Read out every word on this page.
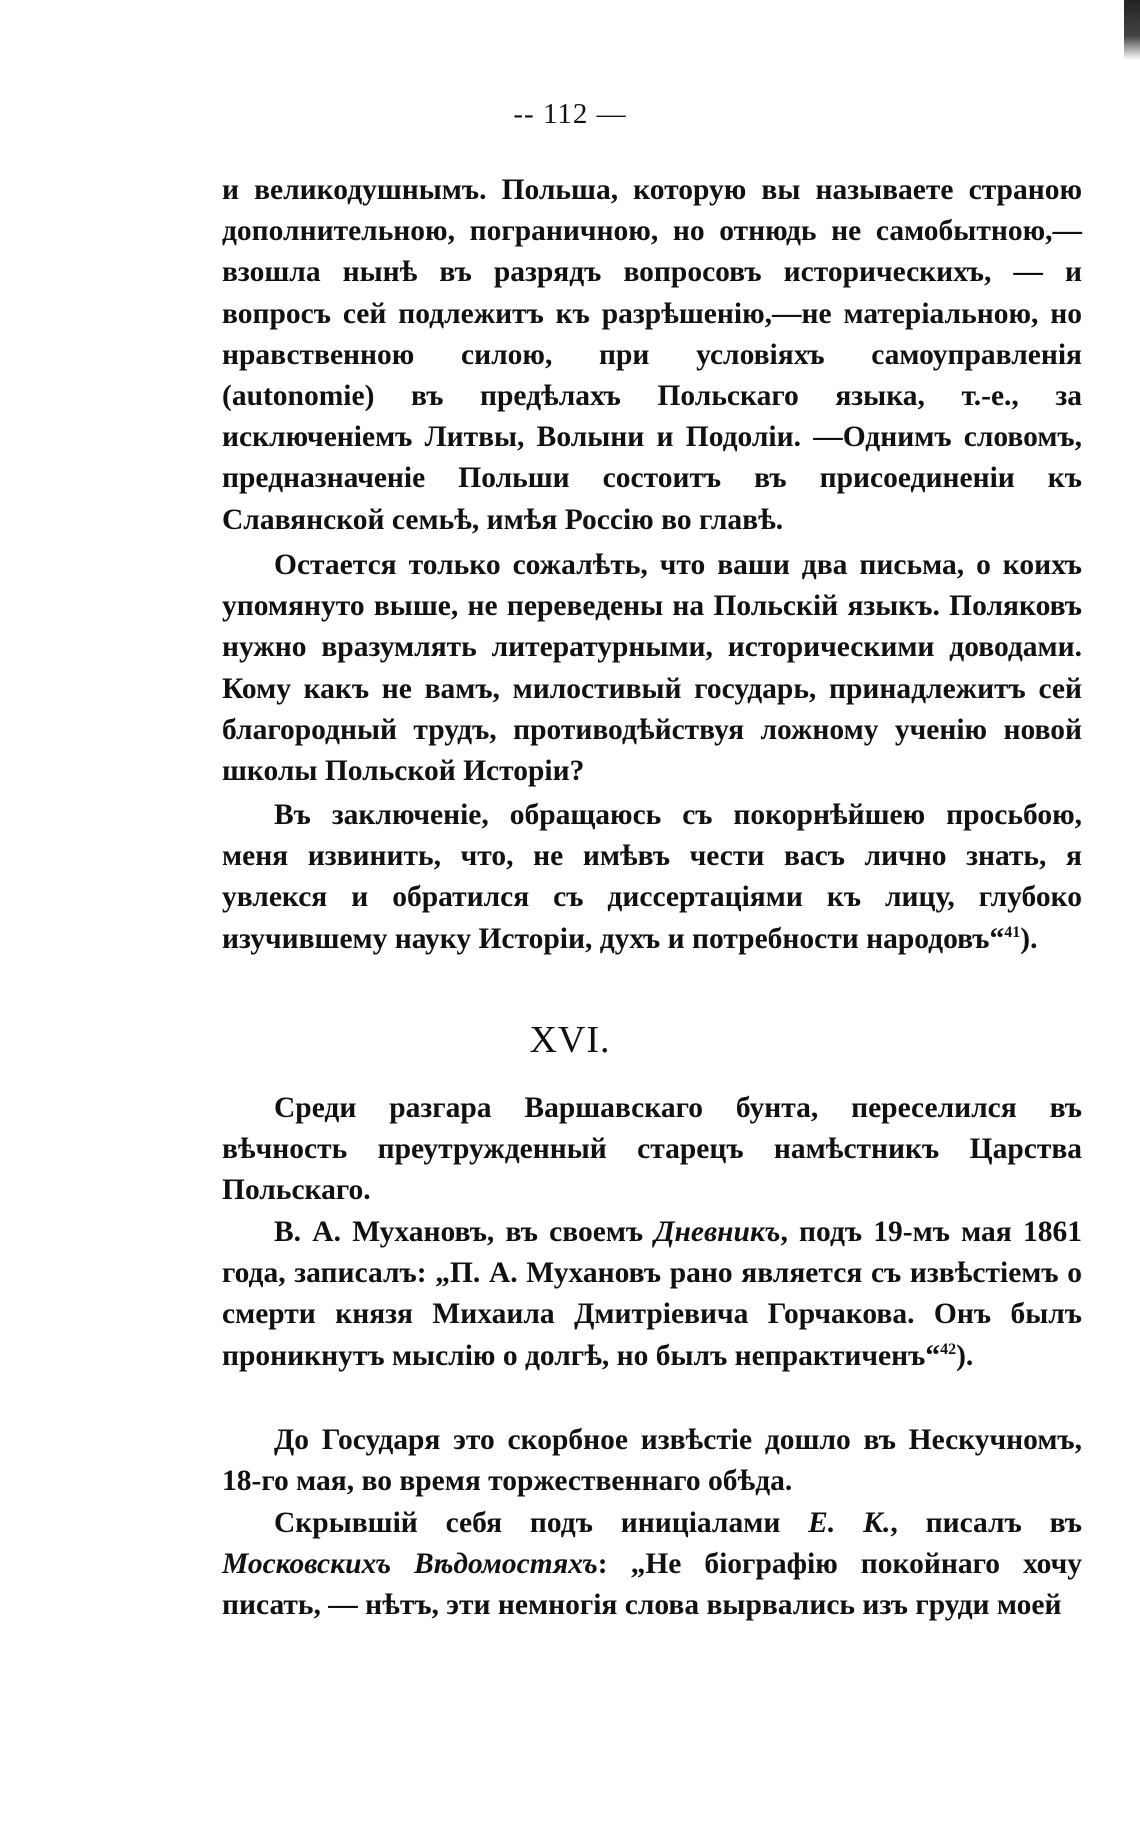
-- 112 —

и великодушнымъ. Польша, которую вы называете страною дополнительною, пограничною, но отнюдь не самобытною,— взошла нынѣ въ разрядъ вопросовъ историческихъ, — и вопросъ сей подлежитъ къ разрѣшенію,—не матеріальною, но нравственною силою, при условіяхъ самоуправленія (autonomie) въ предѣлахъ Польскаго языка, т.-е., за исключеніемъ Литвы, Волыни и Подоліи. —Однимъ словомъ, предназначеніе Польши состоитъ въ присоединеніи къ Славянской семьѣ, имѣя Россію во главѣ.

Остается только сожалѣть, что ваши два письма, о коихъ упомянуто выше, не переведены на Польскій языкъ. Поляковъ нужно вразумлять литературными, историческими доводами. Кому какъ не вамъ, милостивый государь, принадлежитъ сей благородный трудъ, противодѣйствуя ложному ученію новой школы Польской Исторіи?

Въ заключеніе, обращаюсь съ покорнѣйшею просьбою, меня извинить, что, не имѣвъ чести васъ лично знать, я увлекся и обратился съ диссертаціями къ лицу, глубоко изучившему науку Исторіи, духъ и потребности народовъ“$^{41}$).

XVI.

Среди разгара Варшавскаго бунта, переселился въ вѣчность преутружденный старецъ намѣстникъ Царства Польскаго.

В. А. Мухановъ, въ своемъ Дневникъ, подъ 19-мъ мая 1861 года, записалъ: „П. А. Мухановъ рано является съ извѣстіемъ о смерти князя Михаила Дмитріевича Горчакова. Онъ былъ проникнутъ мыслію о долгѣ, но былъ непрактиченъ“$^{42}$).

До Государя это скорбное извѣстіе дошло въ Нескучномъ, 18-го мая, во время торжественнаго обѣда.

Скрывшій себя подъ иниціалами Е. К., писалъ въ Московскихъ Вѣдомостяхъ: „Не біографію покойнаго хочу писать, — нѣтъ, эти немногія слова вырвались изъ груди моей
